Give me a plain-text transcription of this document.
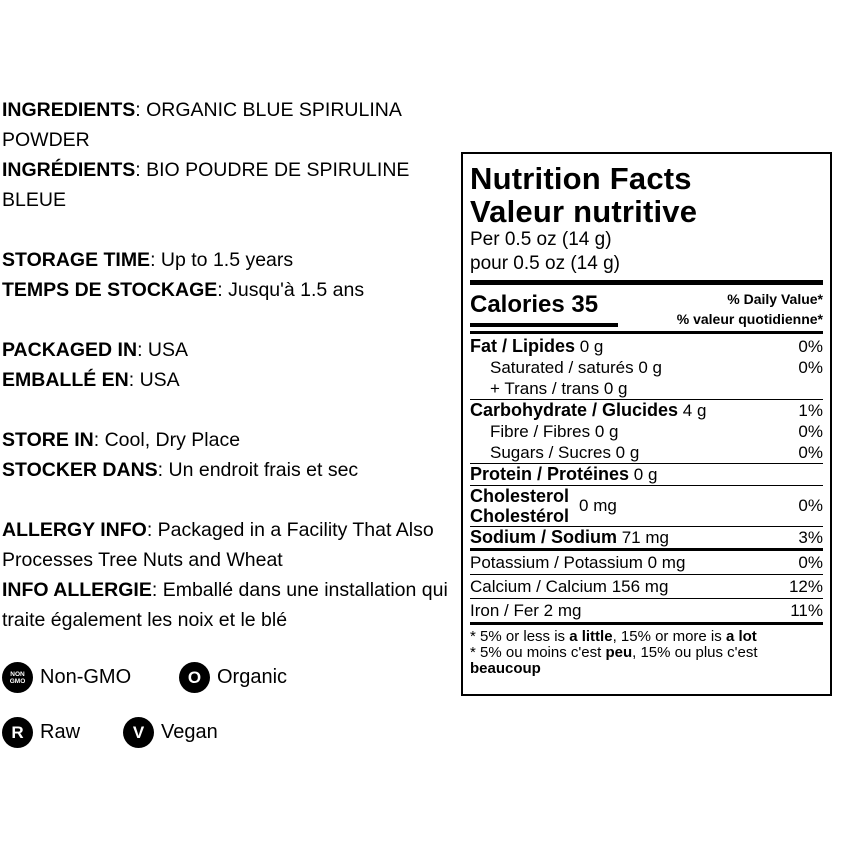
INGREDIENTS: ORGANIC BLUE SPIRULINA POWDER

INGRÉDIENTS: BIO POUDRE DE SPIRULINE BLEUE

STORAGE TIME: Up to 1.5 years

TEMPS DE STOCKAGE: Jusqu'à 1.5 ans

PACKAGED IN: USA

EMBALLÉ EN: USA

STORE IN: Cool, Dry Place

STOCKER DANS: Un endroit frais et sec

ALLERGY INFO: Packaged in a Facility That Also Processes Tree Nuts and Wheat

INFO ALLERGIE: Emballé dans une installation qui traite également les noix et le blé

NON
GMO Non-GMO	O Organic
R Raw	V Vegan
Nutrition Facts
Valeur nutritive
Per 0.5 oz (14 g)
pour 0.5 oz (14 g)
Calories 35	% Daily Value*
% valeur quotidienne*
Fat / Lipides 0 g	0%
Saturated / saturés 0 g	0%
+ Trans / trans 0 g
Carbohydrate / Glucides 4 g	1%
Fibre / Fibres 0 g	0%
Sugars / Sucres 0 g	0%
Protein / Protéines 0 g
Cholesterol
Cholestérol
0 mg	0%
Sodium / Sodium 71 mg	3%
Potassium / Potassium 0 mg	0%
Calcium / Calcium 156 mg	12%
Iron / Fer 2 mg	11%
* 5% or less is a little, 15% or more is a lot
* 5% ou moins c'est peu, 15% ou plus c'est beaucoup
